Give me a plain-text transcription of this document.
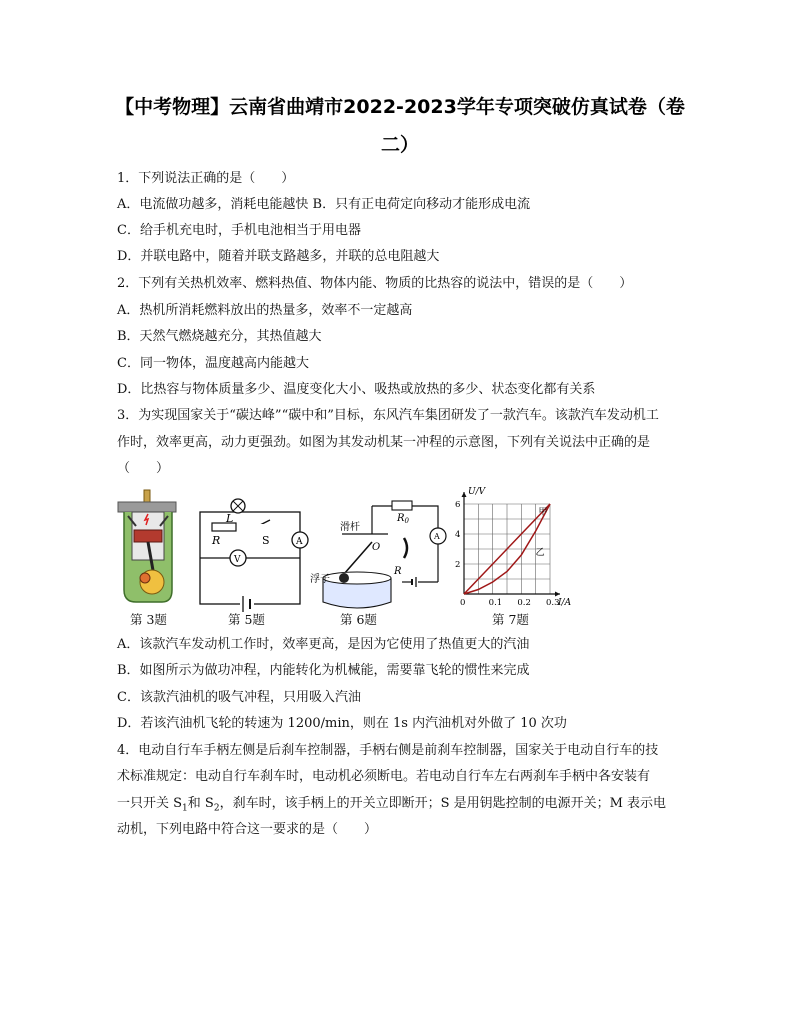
【中考物理】云南省曲靖市2022-2023学年专项突破仿真试卷（卷二）
1．下列说法正确的是（　　）
A．电流做功越多，消耗电能越快 B．只有正电荷定向移动才能形成电流
C．给手机充电时，手机电池相当于用电器
D．并联电路中，随着并联支路越多，并联的总电阻越大
2．下列有关热机效率、燃料热值、物体内能、物质的比热容的说法中，错误的是（　　）
A．热机所消耗燃料放出的热量多，效率不一定越高
B．天然气燃烧越充分，其热值越大
C．同一物体，温度越高内能越大
D．比热容与物体质量多少、温度变化大小、吸热或放热的多少、状态变化都有关系
3．为实现国家关于“碳达峰”“碳中和”目标，东风汽车集团研发了一款汽车。该款汽车发动机工
作时，效率更高，动力更强劲。如图为其发动机某一冲程的示意图，下列有关说法中正确的是
（　　）
L
R	S	A
V
滑杆
O
$R_0$
R
A
浮子
0	0.1 0.2 0.3
2
4
6
U/V
I/A
甲
乙
第 3题	第 5题	第 6题	第 7题
A．该款汽车发动机工作时，效率更高，是因为它使用了热值更大的汽油
B．如图所示为做功冲程，内能转化为机械能，需要靠飞轮的惯性来完成
C．该款汽油机的吸气冲程，只用吸入汽油
D．若该汽油机飞轮的转速为 1200/min，则在 1s 内汽油机对外做了 10 次功
4．电动自行车手柄左侧是后刹车控制器，手柄右侧是前刹车控制器，国家关于电动自行车的技
术标准规定：电动自行车刹车时，电动机必须断电。若电动自行车左右两刹车手柄中各安装有
一只开关 $S_1$和 $S_2$，刹车时，该手柄上的开关立即断开；S 是用钥匙控制的电源开关；M 表示电
动机，下列电路中符合这一要求的是（　　）
